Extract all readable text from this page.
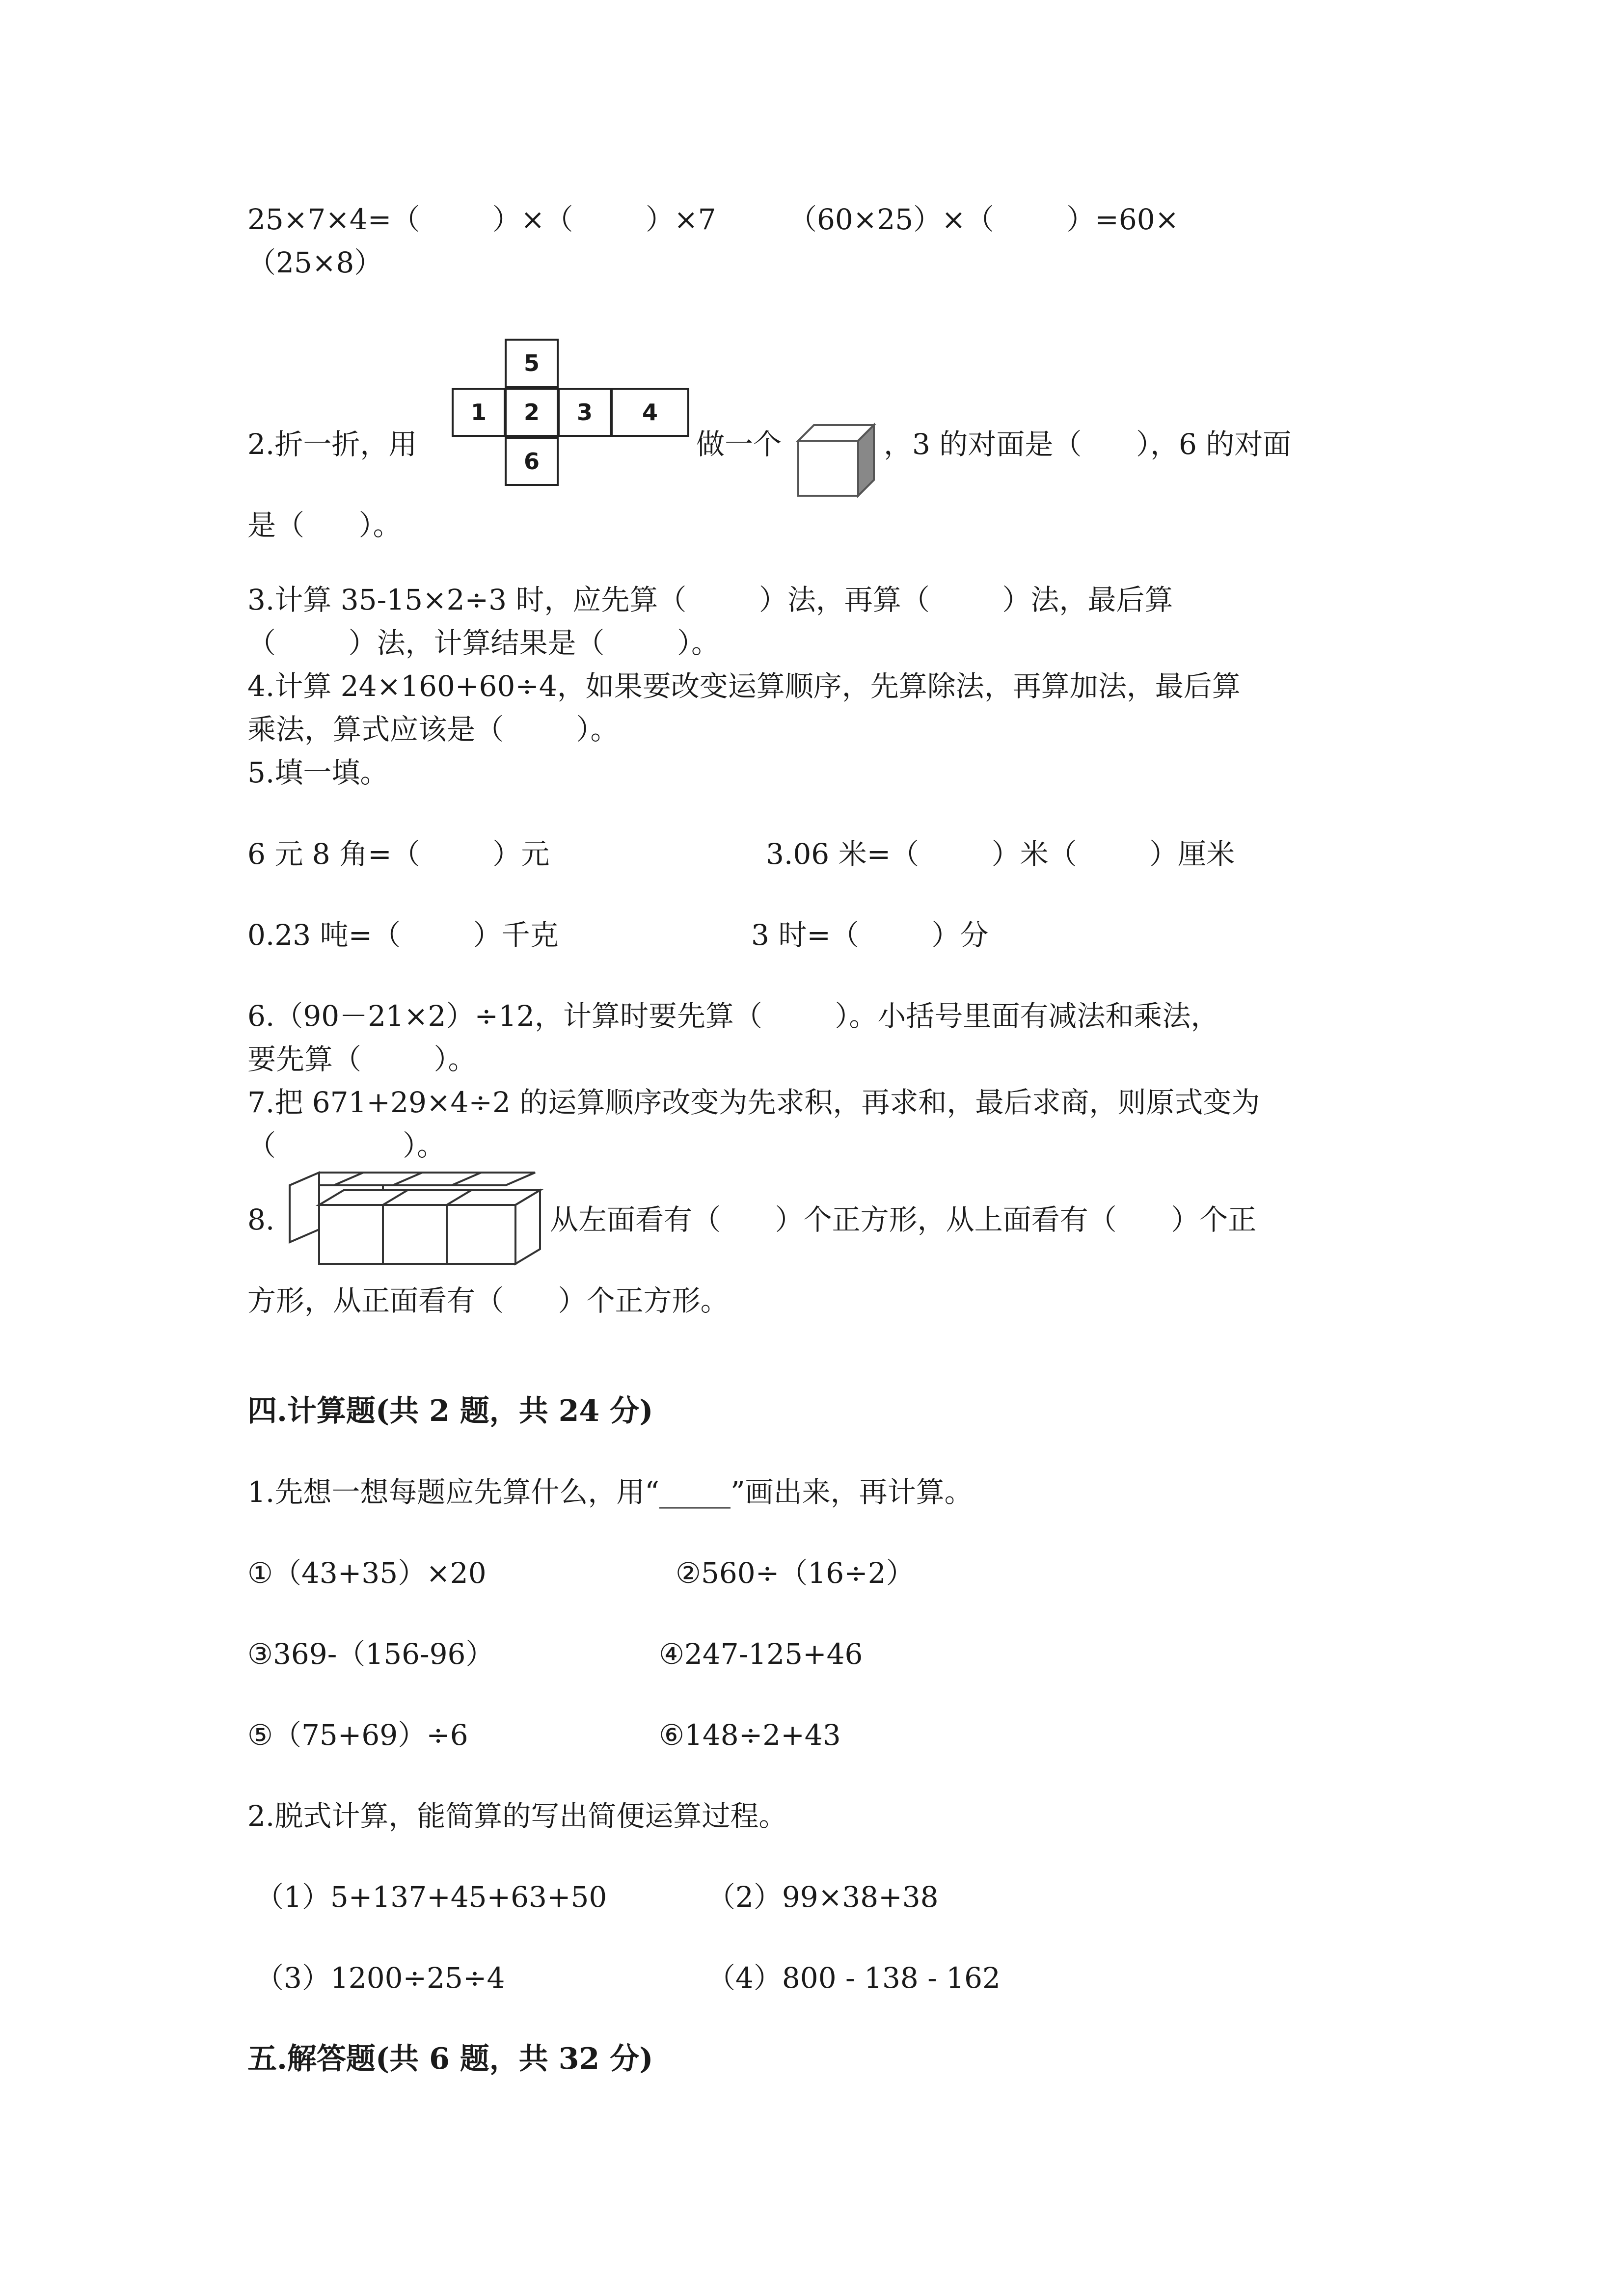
25×7×4=（        ）×（        ）×7        （60×25）×（        ）=60×
（25×8）
2.折一折，用
5
1	2	3	4
6
做一个	，3 的对面是（      ），6 的对面
是（      ）。
3.计算 35-15×2÷3 时，应先算（        ）法，再算（        ）法，最后算
（        ）法，计算结果是（        ）。
4.计算 24×160+60÷4，如果要改变运算顺序，先算除法，再算加法，最后算
乘法，算式应该是（        ）。
5.填一填。
6 元 8 角=（        ）元	3.06 米=（        ）米（        ）厘米
0.23 吨=（        ）千克	3 时=（        ）分
6.（90－21×2）÷12，计算时要先算（        ）。小括号里面有减法和乘法，
要先算（        ）。
7.把 671+29×4÷2 的运算顺序改变为先求积，再求和，最后求商，则原式变为
（              ）。
8.	从左面看有（      ）个正方形，从上面看有（      ）个正
方形，从正面看有（      ）个正方形。
四.计算题(共 2 题，共 24 分)
1.先想一想每题应先算什么，用“_____”画出来，再计算。
①（43+35）×20	②560÷（16÷2）
③369-（156-96）	④247-125+46
⑤（75+69）÷6	⑥148÷2+43
2.脱式计算，能简算的写出简便运算过程。
（1）5+137+45+63+50	（2）99×38+38
（3）1200÷25÷4	（4）800 - 138 - 162
五.解答题(共 6 题，共 32 分)
